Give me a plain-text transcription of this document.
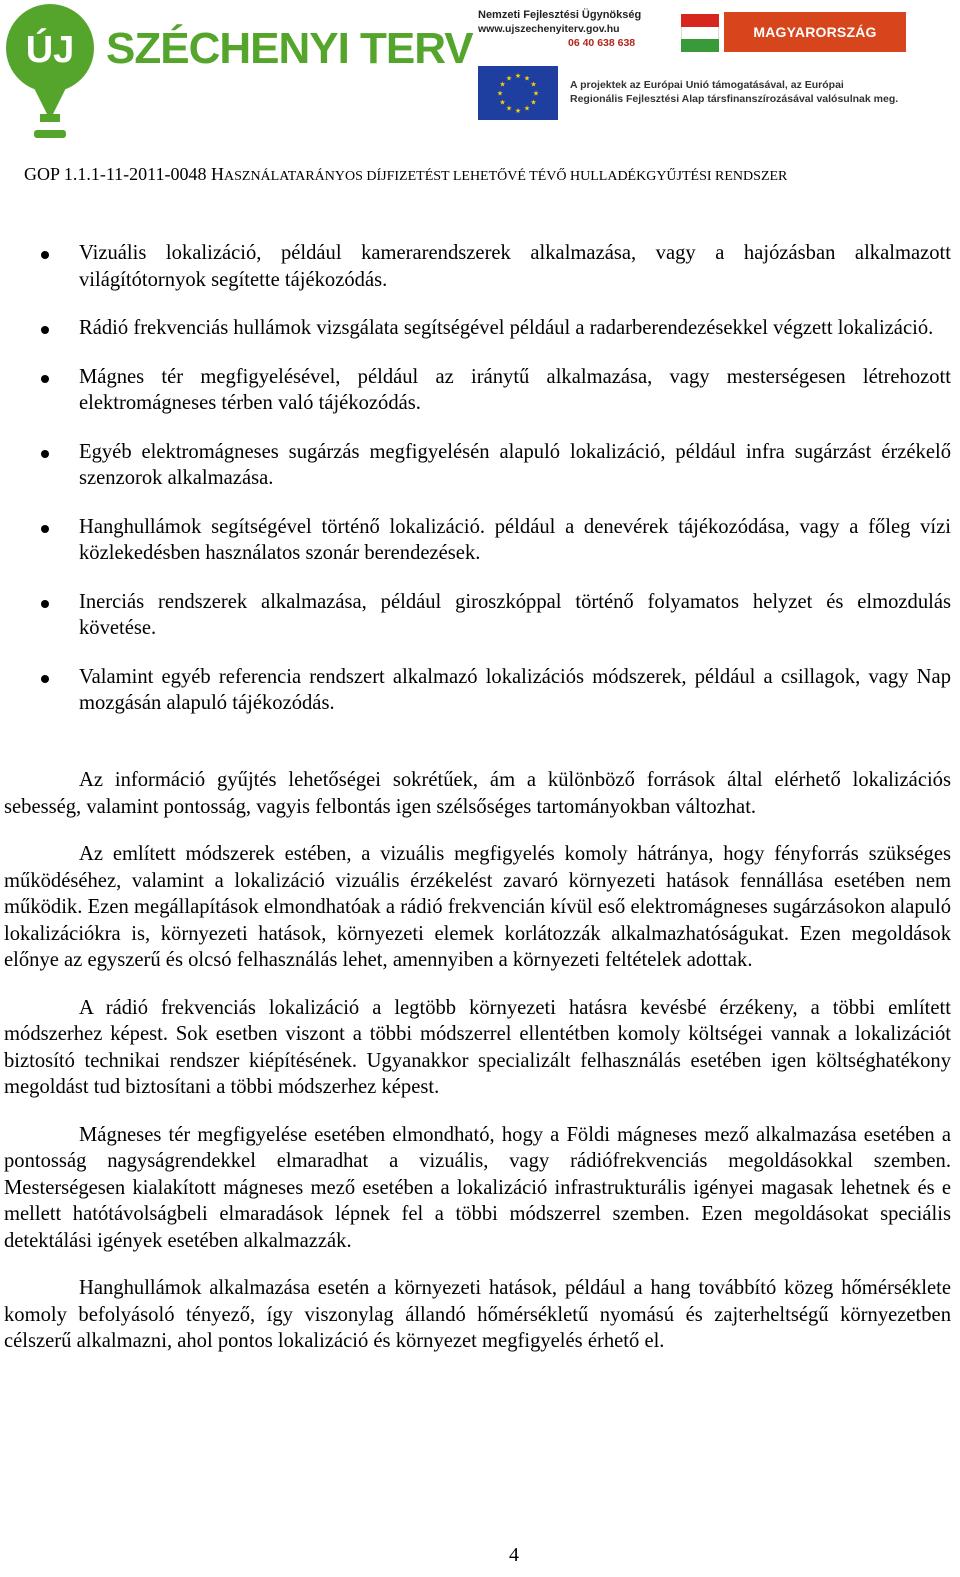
ÚJ SZÉCHENYI TERV
Nemzeti Fejlesztési Ügynökség
www.ujszechenyiterv.gov.hu
06 40 638 638
MAGYARORSZÁG MEGÚJUL
★ ★
★
★
★
★
★
★
★
★
★
★
A projektek az Európai Unió támogatásával, az Európai
Regionális Fejlesztési Alap társfinanszírozásával valósulnak meg.
GOP 1.1.1-11-2011-0048 HASZNÁLATARÁNYOS DÍJFIZETÉST LEHETŐVÉ TÉVŐ HULLADÉKGYŰJTÉSI RENDSZER
Vizuális lokalizáció, például kamerarendszerek alkalmazása, vagy a hajózásban alkalmazott világítótornyok segítette tájékozódás.
Rádió frekvenciás hullámok vizsgálata segítségével például a radarberendezésekkel végzett lokalizáció.
Mágnes tér megfigyelésével, például az iránytű alkalmazása, vagy mesterségesen létrehozott elektromágneses térben való tájékozódás.
Egyéb elektromágneses sugárzás megfigyelésén alapuló lokalizáció, például infra sugárzást érzékelő szenzorok alkalmazása.
Hanghullámok segítségével történő lokalizáció. például a denevérek tájékozódása, vagy a főleg vízi közlekedésben használatos szonár berendezések.
Inerciás rendszerek alkalmazása, például giroszkóppal történő folyamatos helyzet és elmozdulás követése.
Valamint egyéb referencia rendszert alkalmazó lokalizációs módszerek, például a csillagok, vagy Nap mozgásán alapuló tájékozódás.

Az információ gyűjtés lehetőségei sokrétűek, ám a különböző források által elérhető lokalizációs sebesség, valamint pontosság, vagyis felbontás igen szélsőséges tartományokban változhat.

Az említett módszerek estében, a vizuális megfigyelés komoly hátránya, hogy fényforrás szükséges működéséhez, valamint a lokalizáció vizuális érzékelést zavaró környezeti hatások fennállása esetében nem működik. Ezen megállapítások elmondhatóak a rádió frekvencián kívül eső elektromágneses sugárzásokon alapuló lokalizációkra is, környezeti hatások, környezeti elemek korlátozzák alkalmazhatóságukat. Ezen megoldások előnye az egyszerű és olcsó felhasználás lehet, amennyiben a környezeti feltételek adottak.

A rádió frekvenciás lokalizáció a legtöbb környezeti hatásra kevésbé érzékeny, a többi említett módszerhez képest. Sok esetben viszont a többi módszerrel ellentétben komoly költségei vannak a lokalizációt biztosító technikai rendszer kiépítésének. Ugyanakkor specializált felhasználás esetében igen költséghatékony megoldást tud biztosítani a többi módszerhez képest.

Mágneses tér megfigyelése esetében elmondható, hogy a Földi mágneses mező alkalmazása esetében a pontosság nagyságrendekkel elmaradhat a vizuális, vagy rádiófrekvenciás megoldásokkal szemben. Mesterségesen kialakított mágneses mező esetében a lokalizáció infrastrukturális igényei magasak lehetnek és e mellett hatótávolságbeli elmaradások lépnek fel a többi módszerrel szemben. Ezen megoldásokat speciális detektálási igények esetében alkalmazzák.

Hanghullámok alkalmazása esetén a környezeti hatások, például a hang továbbító közeg hőmérséklete komoly befolyásoló tényező, így viszonylag állandó hőmérsékletű nyomású és zajterheltségű környezetben célszerű alkalmazni, ahol pontos lokalizáció és környezet megfigyelés érhető el.

4
